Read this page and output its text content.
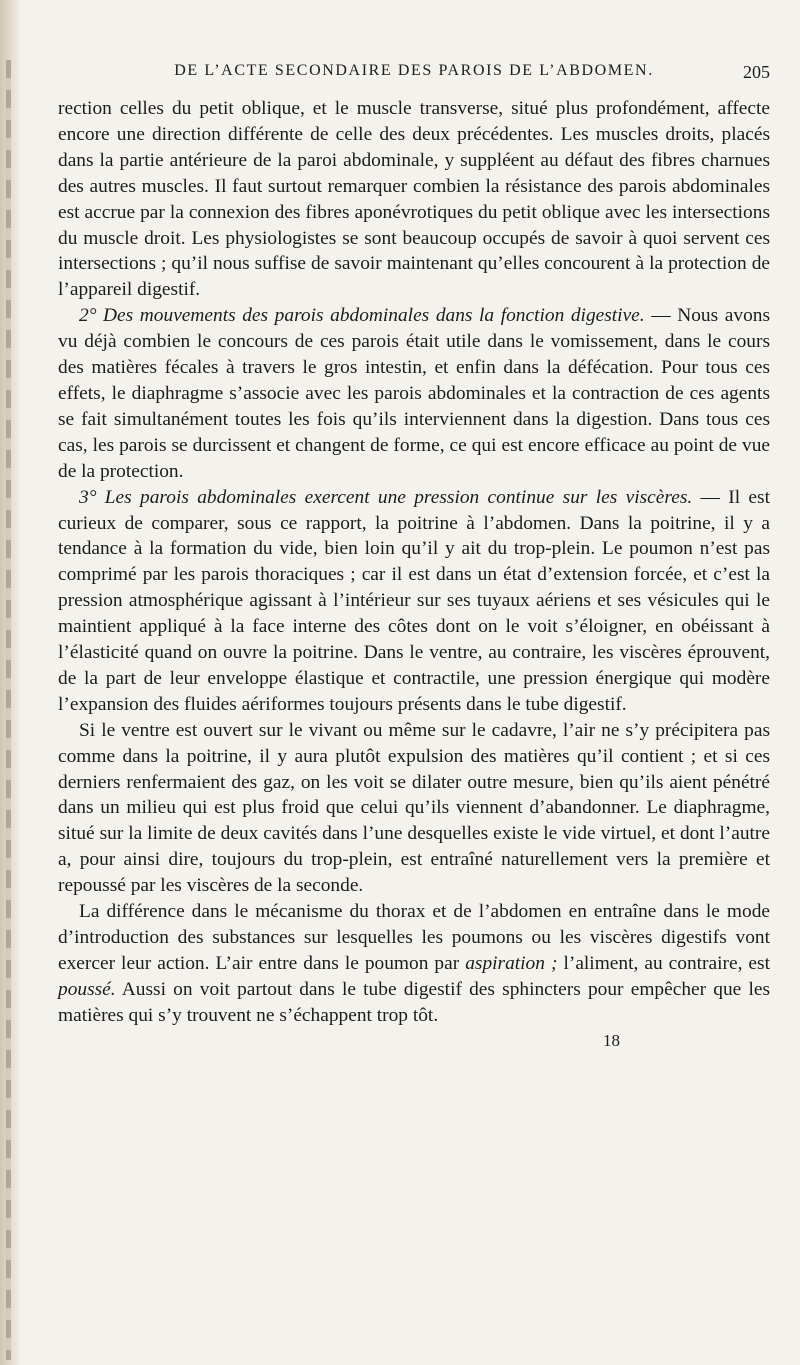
DE L’ACTE SECONDAIRE DES PAROIS DE L’ABDOMEN.	205

rection celles du petit oblique, et le muscle transverse, situé plus profondément, affecte encore une direction différente de celle des deux précédentes. Les muscles droits, placés dans la partie antérieure de la paroi abdominale, y suppléent au défaut des fibres charnues des autres muscles. Il faut surtout remarquer combien la résistance des parois abdominales est accrue par la connexion des fibres aponévrotiques du petit oblique avec les intersections du muscle droit. Les physiologistes se sont beaucoup occupés de savoir à quoi servent ces intersections ; qu’il nous suffise de savoir maintenant qu’elles concourent à la protection de l’appareil digestif.

2° Des mouvements des parois abdominales dans la fonction digestive. — Nous avons vu déjà combien le concours de ces parois était utile dans le vomissement, dans le cours des matières fécales à travers le gros intestin, et enfin dans la défécation. Pour tous ces effets, le diaphragme s’associe avec les parois abdominales et la contraction de ces agents se fait simultanément toutes les fois qu’ils interviennent dans la digestion. Dans tous ces cas, les parois se durcissent et changent de forme, ce qui est encore efficace au point de vue de la protection.

3° Les parois abdominales exercent une pression continue sur les viscères. — Il est curieux de comparer, sous ce rapport, la poitrine à l’abdomen. Dans la poitrine, il y a tendance à la formation du vide, bien loin qu’il y ait du trop-plein. Le poumon n’est pas comprimé par les parois thoraciques ; car il est dans un état d’extension forcée, et c’est la pression atmosphérique agissant à l’intérieur sur ses tuyaux aériens et ses vésicules qui le maintient appliqué à la face interne des côtes dont on le voit s’éloigner, en obéissant à l’élasticité quand on ouvre la poitrine. Dans le ventre, au contraire, les viscères éprouvent, de la part de leur enveloppe élastique et contractile, une pression énergique qui modère l’expansion des fluides aériformes toujours présents dans le tube digestif.

Si le ventre est ouvert sur le vivant ou même sur le cadavre, l’air ne s’y précipitera pas comme dans la poitrine, il y aura plutôt expulsion des matières qu’il contient ; et si ces derniers renfermaient des gaz, on les voit se dilater outre mesure, bien qu’ils aient pénétré dans un milieu qui est plus froid que celui qu’ils viennent d’abandonner. Le diaphragme, situé sur la limite de deux cavités dans l’une desquelles existe le vide virtuel, et dont l’autre a, pour ainsi dire, toujours du trop-plein, est entraîné naturellement vers la première et repoussé par les viscères de la seconde.

La différence dans le mécanisme du thorax et de l’abdomen en entraîne dans le mode d’introduction des substances sur lesquelles les poumons ou les viscères digestifs vont exercer leur action. L’air entre dans le poumon par aspiration ; l’aliment, au contraire, est poussé. Aussi on voit partout dans le tube digestif des sphincters pour empêcher que les matières qui s’y trouvent ne s’échappent trop tôt.

18
